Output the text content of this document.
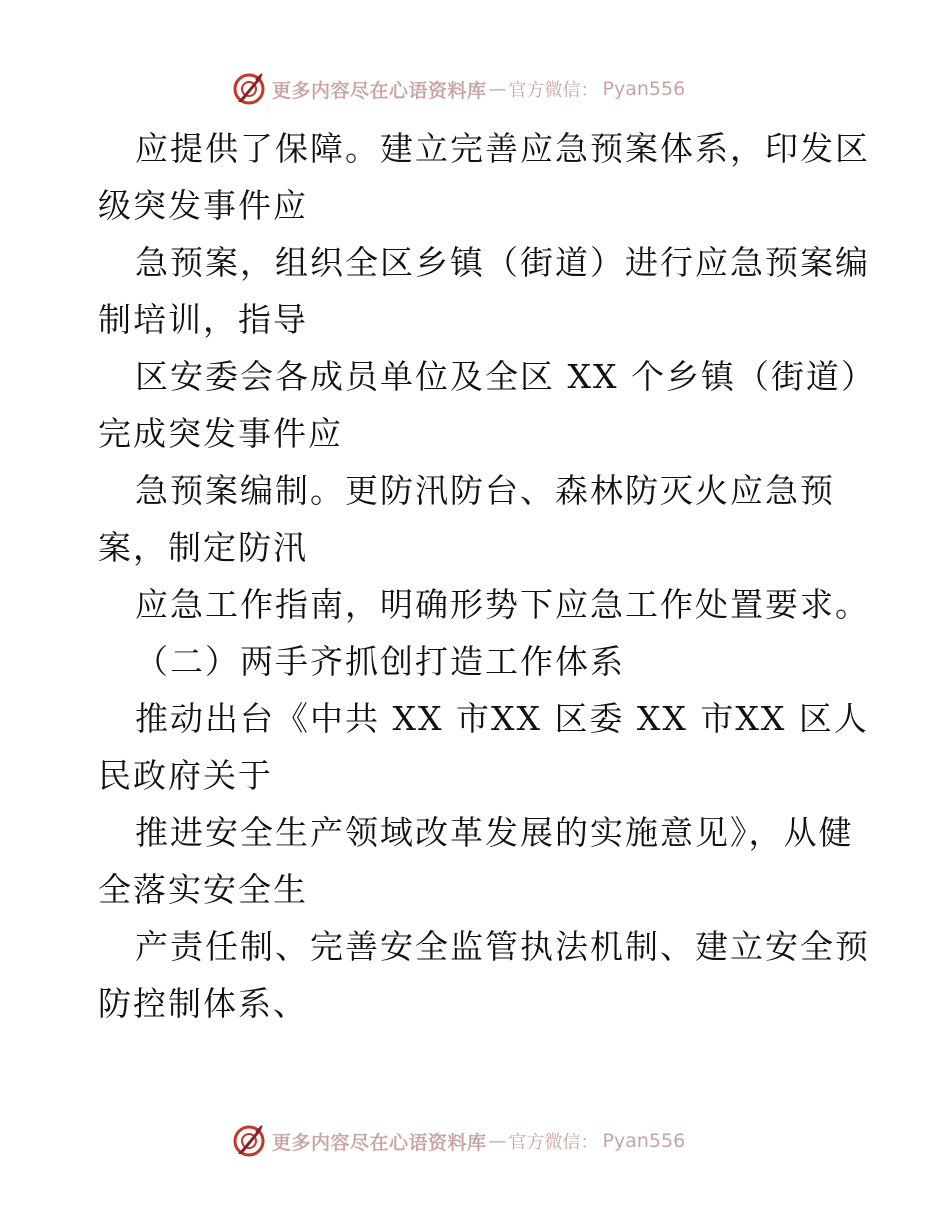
更多内容尽在心语资料库 — 官方微信： Pyan556
应提供了保障。建立完善应急预案体系，印发区
级突发事件应
急预案，组织全区乡镇（街道）进行应急预案编
制培训，指导
区安委会各成员单位及全区 XX 个乡镇（街道）
完成突发事件应
急预案编制。更防汛防台、森林防灭火应急预
案，制定防汛
应急工作指南，明确形势下应急工作处置要求。
（二）两手齐抓创打造工作体系
推动出台《中共 XX 市XX 区委 XX 市XX 区人
民政府关于
推进安全生产领域改革发展的实施意见》，从健
全落实安全生
产责任制、完善安全监管执法机制、建立安全预
防控制体系、
更多内容尽在心语资料库 — 官方微信： Pyan556
